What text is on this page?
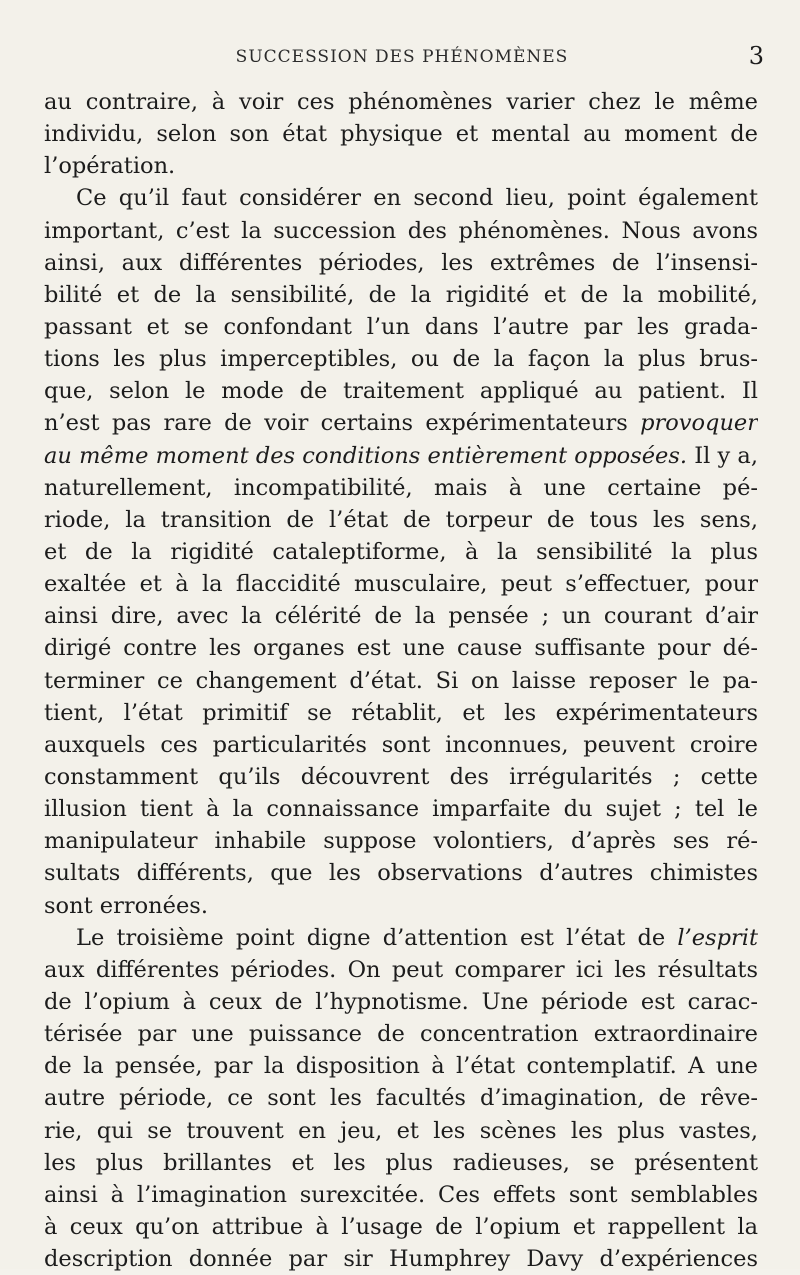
SUCCESSION DES PHÉNOMÈNES	3
au contraire, à voir ces phénomènes varier chez le même
individu, selon son état physique et mental au moment de
l’opération.
Ce qu’il faut considérer en second lieu, point également
important, c’est la succession des phénomènes. Nous avons
ainsi, aux différentes périodes, les extrêmes de l’insensi-
bilité et de la sensibilité, de la rigidité et de la mobilité,
passant et se confondant l’un dans l’autre par les grada-
tions les plus imperceptibles, ou de la façon la plus brus-
que, selon le mode de traitement appliqué au patient. Il
n’est pas rare de voir certains expérimentateurs provoquer
au même moment des conditions entièrement opposées. Il y a,
naturellement, incompatibilité, mais à une certaine pé-
riode, la transition de l’état de torpeur de tous les sens,
et de la rigidité cataleptiforme, à la sensibilité la plus
exaltée et à la flaccidité musculaire, peut s’effectuer, pour
ainsi dire, avec la célérité de la pensée ; un courant d’air
dirigé contre les organes est une cause suffisante pour dé-
terminer ce changement d’état. Si on laisse reposer le pa-
tient, l’état primitif se rétablit, et les expérimentateurs
auxquels ces particularités sont inconnues, peuvent croire
constamment qu’ils découvrent des irrégularités ; cette
illusion tient à la connaissance imparfaite du sujet ; tel le
manipulateur inhabile suppose volontiers, d’après ses ré-
sultats différents, que les observations d’autres chimistes
sont erronées.
Le troisième point digne d’attention est l’état de l’esprit
aux différentes périodes. On peut comparer ici les résultats
de l’opium à ceux de l’hypnotisme. Une période est carac-
térisée par une puissance de concentration extraordinaire
de la pensée, par la disposition à l’état contemplatif. A une
autre période, ce sont les facultés d’imagination, de rêve-
rie, qui se trouvent en jeu, et les scènes les plus vastes,
les plus brillantes et les plus radieuses, se présentent
ainsi à l’imagination surexcitée. Ces effets sont semblables
à ceux qu’on attribue à l’usage de l’opium et rappellent la
description donnée par sir Humphrey Davy d’expériences
